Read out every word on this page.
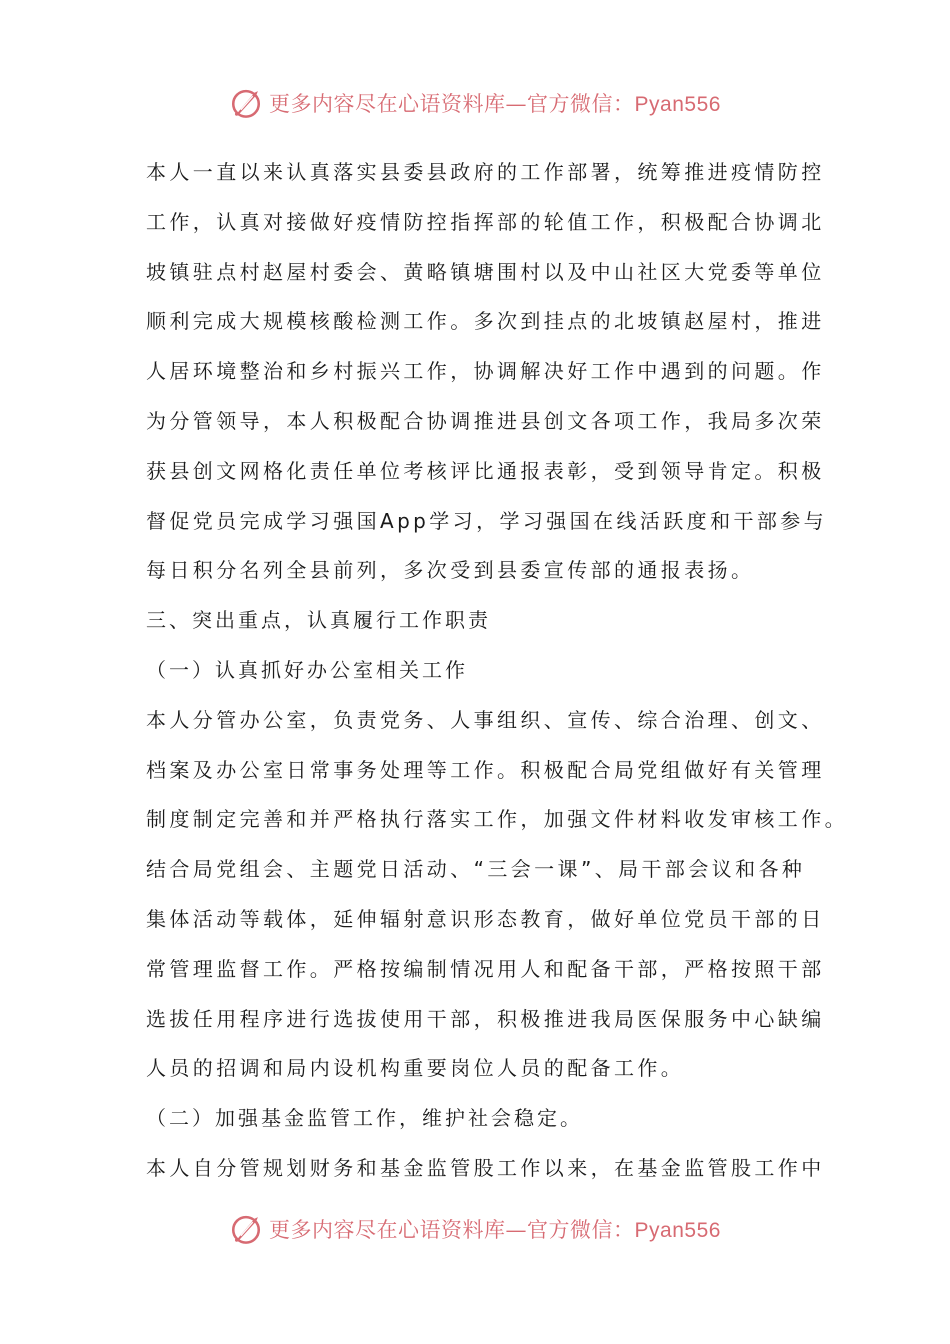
更多内容尽在心语资料库—官方微信：Pyan556
本人一直以来认真落实县委县政府的工作部署，统筹推进疫情防控
工作，认真对接做好疫情防控指挥部的轮值工作，积极配合协调北
坡镇驻点村赵屋村委会、黄略镇塘围村以及中山社区大党委等单位
顺利完成大规模核酸检测工作。多次到挂点的北坡镇赵屋村，推进
人居环境整治和乡村振兴工作，协调解决好工作中遇到的问题。作
为分管领导，本人积极配合协调推进县创文各项工作，我局多次荣
获县创文网格化责任单位考核评比通报表彰，受到领导肯定。积极
督促党员完成学习强国App学习，学习强国在线活跃度和干部参与
每日积分名列全县前列，多次受到县委宣传部的通报表扬。
三、突出重点，认真履行工作职责
（一）认真抓好办公室相关工作
本人分管办公室，负责党务、人事组织、宣传、综合治理、创文、
档案及办公室日常事务处理等工作。积极配合局党组做好有关管理
制度制定完善和并严格执行落实工作，加强文件材料收发审核工作。
结合局党组会、主题党日活动、“三会一课”、局干部会议和各种
集体活动等载体，延伸辐射意识形态教育，做好单位党员干部的日
常管理监督工作。严格按编制情况用人和配备干部，严格按照干部
选拔任用程序进行选拔使用干部，积极推进我局医保服务中心缺编
人员的招调和局内设机构重要岗位人员的配备工作。
（二）加强基金监管工作，维护社会稳定。
本人自分管规划财务和基金监管股工作以来，在基金监管股工作中
更多内容尽在心语资料库—官方微信：Pyan556
